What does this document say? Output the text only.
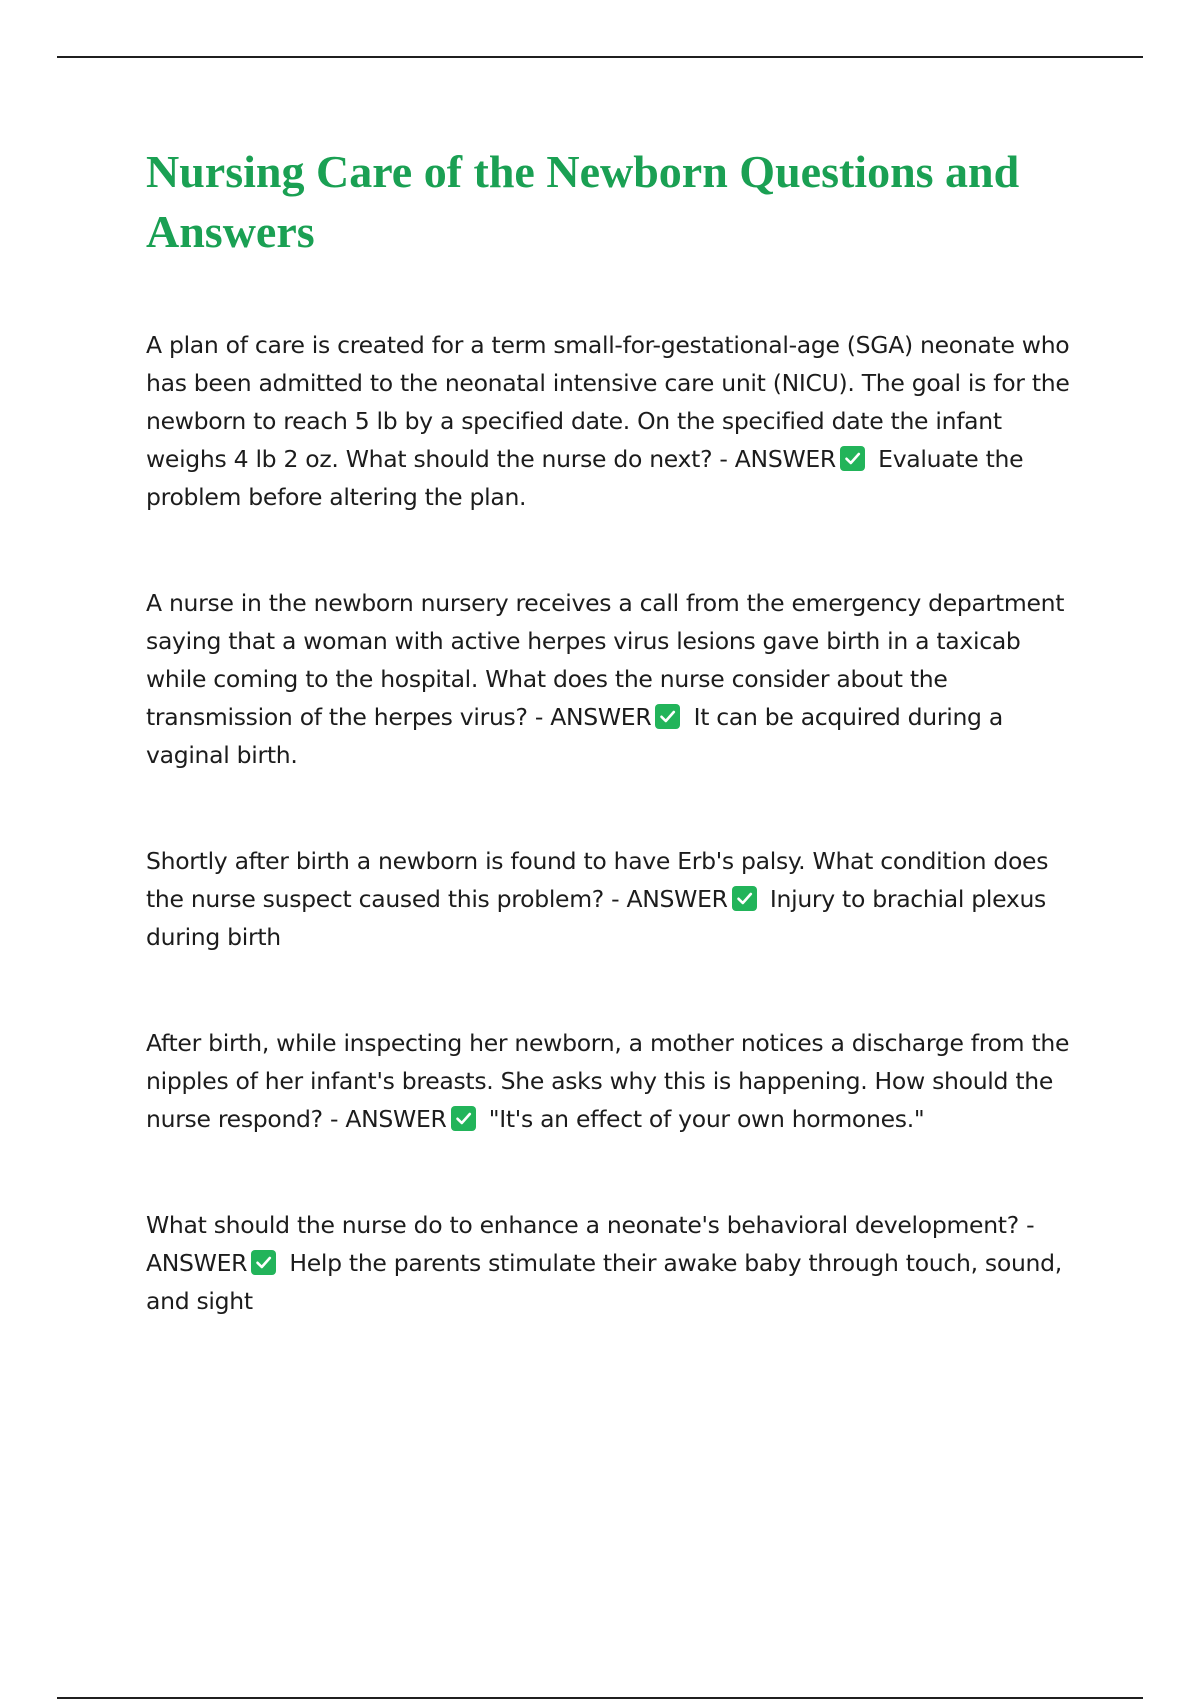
Nursing Care of the Newborn Questions and Answers

A plan of care is created for a term small-for-gestational-age (SGA) neonate who has been admitted to the neonatal intensive care unit (NICU). The goal is for the newborn to reach 5 lb by a specified date. On the specified date the infant weighs 4 lb 2 oz. What should the nurse do next? - ANSWER Evaluate the problem before altering the plan.

A nurse in the newborn nursery receives a call from the emergency department saying that a woman with active herpes virus lesions gave birth in a taxicab while coming to the hospital. What does the nurse consider about the transmission of the herpes virus? - ANSWER It can be acquired during a vaginal birth.

Shortly after birth a newborn is found to have Erb's palsy. What condition does the nurse suspect caused this problem? - ANSWER Injury to brachial plexus during birth

After birth, while inspecting her newborn, a mother notices a discharge from the nipples of her infant's breasts. She asks why this is happening. How should the nurse respond? - ANSWER "It's an effect of your own hormones."

What should the nurse do to enhance a neonate's behavioral development? - ANSWER Help the parents stimulate their awake baby through touch, sound, and sight
